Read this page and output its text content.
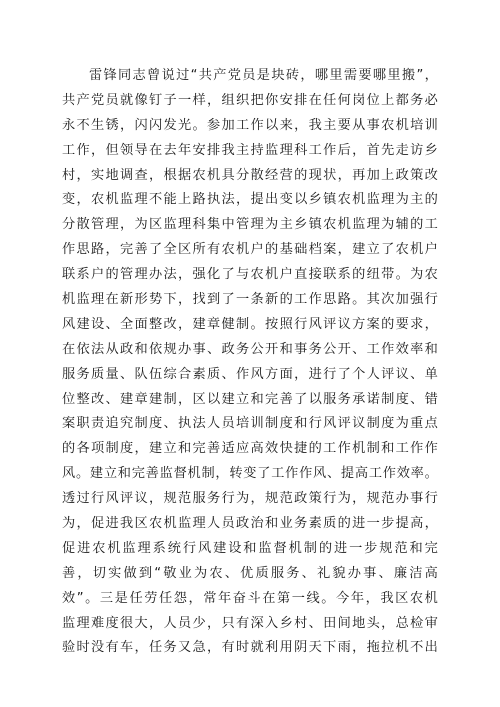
雷锋同志曾说过“共产党员是块砖，哪里需要哪里搬”，
共产党员就像钉子一样，组织把你安排在任何岗位上都务必
永不生锈，闪闪发光。参加工作以来，我主要从事农机培训
工作，但领导在去年安排我主持监理科工作后，首先走访乡
村，实地调查，根据农机具分散经营的现状，再加上政策改
变，农机监理不能上路执法，提出变以乡镇农机监理为主的
分散管理，为区监理科集中管理为主乡镇农机监理为辅的工
作思路，完善了全区所有农机户的基础档案，建立了农机户
联系户的管理办法，强化了与农机户直接联系的纽带。为农
机监理在新形势下，找到了一条新的工作思路。其次加强行
风建设、全面整改，建章健制。按照行风评议方案的要求，
在依法从政和依规办事、政务公开和事务公开、工作效率和
服务质量、队伍综合素质、作风方面，进行了个人评议、单
位整改、建章建制，区以建立和完善了以服务承诺制度、错
案职责追究制度、执法人员培训制度和行风评议制度为重点
的各项制度，建立和完善适应高效快捷的工作机制和工作作
风。建立和完善监督机制，转变了工作作风、提高工作效率。
透过行风评议，规范服务行为，规范政策行为，规范办事行
为，促进我区农机监理人员政治和业务素质的进一步提高，
促进农机监理系统行风建设和监督机制的进一步规范和完
善，切实做到“敬业为农、优质服务、礼貌办事、廉洁高
效”。三是任劳任怨，常年奋斗在第一线。今年，我区农机
监理难度很大，人员少，只有深入乡村、田间地头，总检审
验时没有车，任务又急，有时就利用阴天下雨，拖拉机不出
